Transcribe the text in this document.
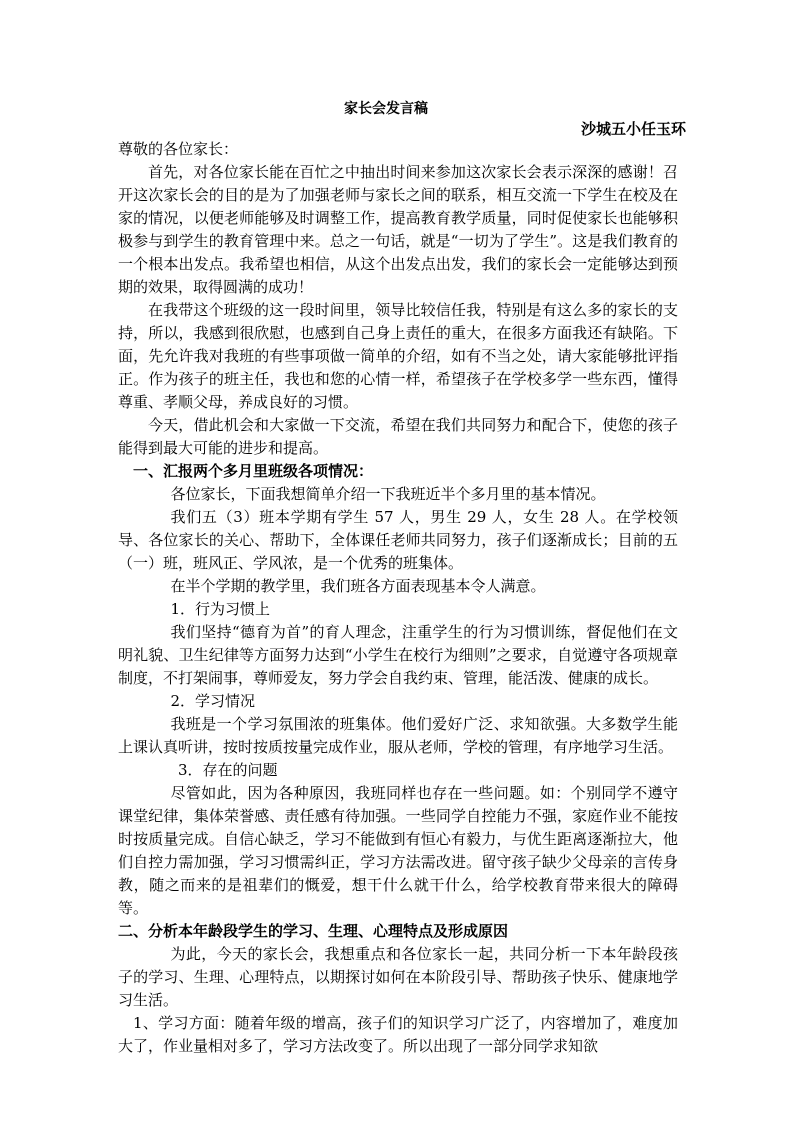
家长会发言稿
沙城五小任玉环

尊敬的各位家长：

首先，对各位家长能在百忙之中抽出时间来参加这次家长会表示深深的感谢！召开这次家长会的目的是为了加强老师与家长之间的联系，相互交流一下学生在校及在家的情况，以便老师能够及时调整工作，提高教育教学质量，同时促使家长也能够积极参与到学生的教育管理中来。总之一句话，就是“一切为了学生”。这是我们教育的一个根本出发点。我希望也相信，从这个出发点出发，我们的家长会一定能够达到预期的效果，取得圆满的成功！

在我带这个班级的这一段时间里，领导比较信任我，特别是有这么多的家长的支持，所以，我感到很欣慰，也感到自己身上责任的重大，在很多方面我还有缺陷。下面，先允许我对我班的有些事项做一简单的介绍，如有不当之处，请大家能够批评指正。作为孩子的班主任，我也和您的心情一样，希望孩子在学校多学一些东西，懂得尊重、孝顺父母，养成良好的习惯。

今天，借此机会和大家做一下交流，希望在我们共同努力和配合下，使您的孩子能得到最大可能的进步和提高。

一、汇报两个多月里班级各项情况：

各位家长，下面我想简单介绍一下我班近半个多月里的基本情况。

我们五（3）班本学期有学生 57 人，男生 29 人，女生 28 人。在学校领导、各位家长的关心、帮助下，全体课任老师共同努力，孩子们逐渐成长；目前的五（一）班，班风正、学风浓，是一个优秀的班集体。

在半个学期的教学里，我们班各方面表现基本令人满意。

1．行为习惯上

我们坚持“德育为首”的育人理念，注重学生的行为习惯训练，督促他们在文明礼貌、卫生纪律等方面努力达到“小学生在校行为细则”之要求，自觉遵守各项规章制度，不打架闹事，尊师爱友，努力学会自我约束、管理，能活泼、健康的成长。

2．学习情况

我班是一个学习氛围浓的班集体。他们爱好广泛、求知欲强。大多数学生能上课认真听讲，按时按质按量完成作业，服从老师，学校的管理，有序地学习生活。

3．存在的问题

尽管如此，因为各种原因，我班同样也存在一些问题。如：个别同学不遵守课堂纪律，集体荣誉感、责任感有待加强。一些同学自控能力不强，家庭作业不能按时按质量完成。自信心缺乏，学习不能做到有恒心有毅力，与优生距离逐渐拉大，他们自控力需加强，学习习惯需纠正，学习方法需改进。留守孩子缺少父母亲的言传身教，随之而来的是祖辈们的慨爱，想干什么就干什么，给学校教育带来很大的障碍等。

二、分析本年龄段学生的学习、生理、心理特点及形成原因

为此，今天的家长会，我想重点和各位家长一起，共同分析一下本年龄段孩子的学习、生理、心理特点，以期探讨如何在本阶段引导、帮助孩子快乐、健康地学习生活。

1、学习方面：随着年级的增高，孩子们的知识学习广泛了，内容增加了，难度加大了，作业量相对多了，学习方法改变了。所以出现了一部分同学求知欲
